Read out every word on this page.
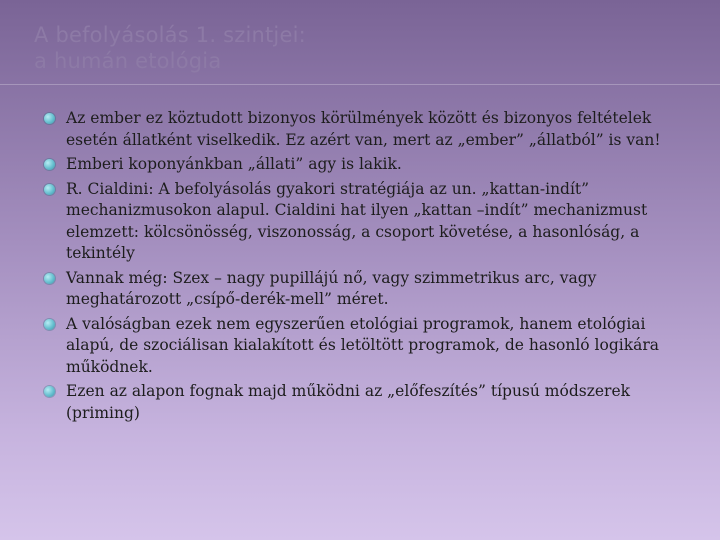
A befolyásolás 1. szintjei:
a humán etológia
Az ember ez köztudott bizonyos körülmények között és bizonyos feltételek esetén állatként viselkedik. Ez azért van, mert az „ember” „állatból” is van!
Emberi koponyánkban „állati” agy is lakik.
R. Cialdini: A befolyásolás gyakori stratégiája az un. „kattan-indít” mechanizmusokon alapul. Cialdini hat ilyen „kattan –indít” mechanizmust elemzett: kölcsönösség, viszonosság, a csoport követése, a hasonlóság, a tekintély
Vannak még: Szex – nagy pupillájú nő, vagy szimmetrikus arc, vagy meghatározott „csípő-derék-mell” méret.
A valóságban ezek nem egyszerűen etológiai programok, hanem etológiai alapú, de szociálisan kialakított és letöltött programok, de hasonló logikára működnek.
Ezen az alapon fognak majd működni az „előfeszítés” típusú módszerek (priming)
